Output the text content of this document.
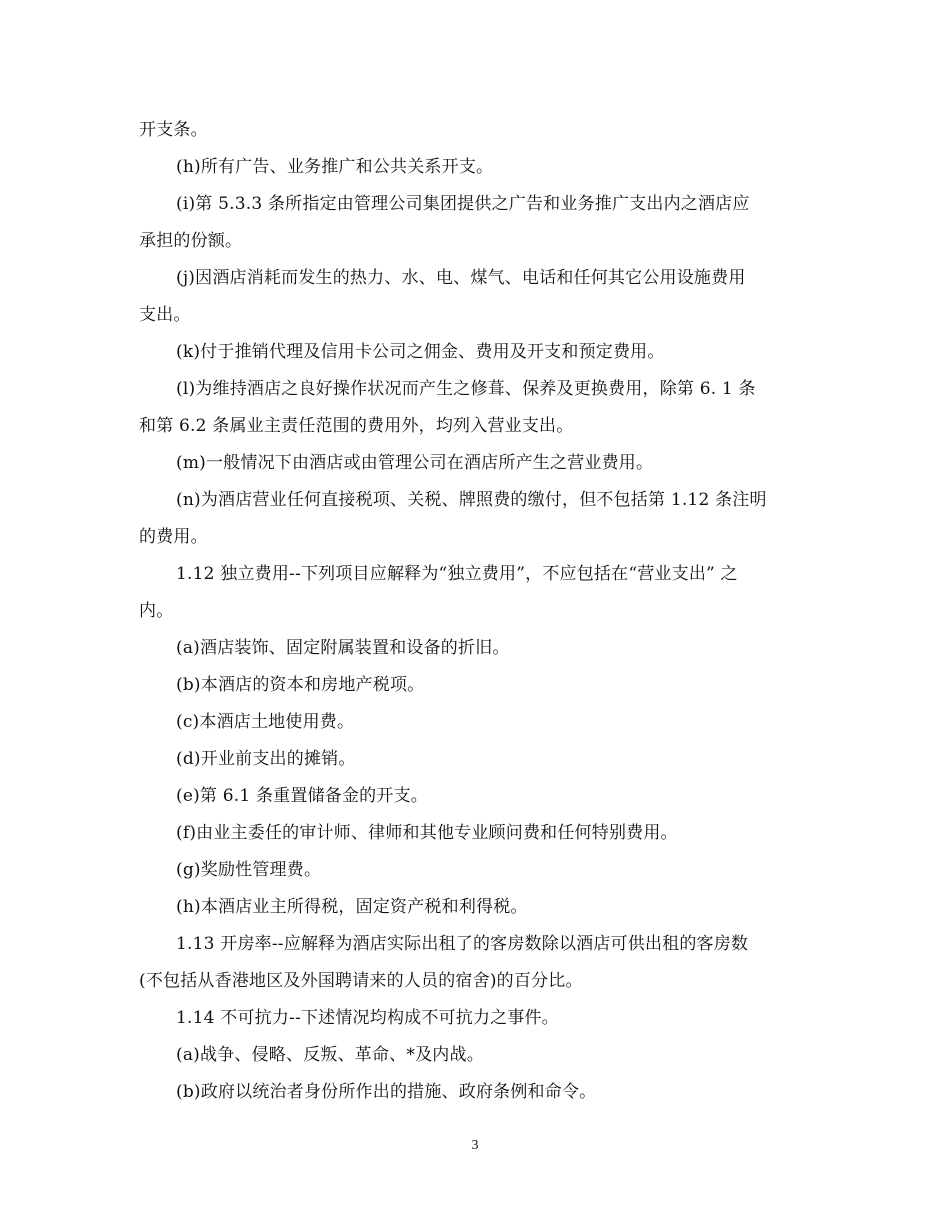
开支条。
(h)所有广告、业务推广和公共关系开支。
(i)第 5.3.3 条所指定由管理公司集团提供之广告和业务推广支出内之酒店应
承担的份额。
(j)因酒店消耗而发生的热力、水、电、煤气、电话和任何其它公用设施费用
支出。
(k)付于推销代理及信用卡公司之佣金、费用及开支和预定费用。
(l)为维持酒店之良好操作状况而产生之修葺、保养及更换费用，除第 6. 1 条
和第 6.2 条属业主责任范围的费用外，均列入营业支出。
(m)一般情况下由酒店或由管理公司在酒店所产生之营业费用。
(n)为酒店营业任何直接税项、关税、牌照费的缴付，但不包括第 1.12 条注明
的费用。
1.12 独立费用--下列项目应解释为“独立费用”，不应包括在“营业支出” 之
内。
(a)酒店装饰、固定附属装置和设备的折旧。
(b)本酒店的资本和房地产税项。
(c)本酒店土地使用费。
(d)开业前支出的摊销。
(e)第 6.1 条重置储备金的开支。
(f)由业主委任的审计师、律师和其他专业顾问费和任何特别费用。
(g)奖励性管理费。
(h)本酒店业主所得税，固定资产税和利得税。
1.13 开房率--应解释为酒店实际出租了的客房数除以酒店可供出租的客房数
(不包括从香港地区及外国聘请来的人员的宿舍)的百分比。
1.14 不可抗力--下述情况均构成不可抗力之事件。
(a)战争、侵略、反叛、革命、*及内战。
(b)政府以统治者身份所作出的措施、政府条例和命令。
3
